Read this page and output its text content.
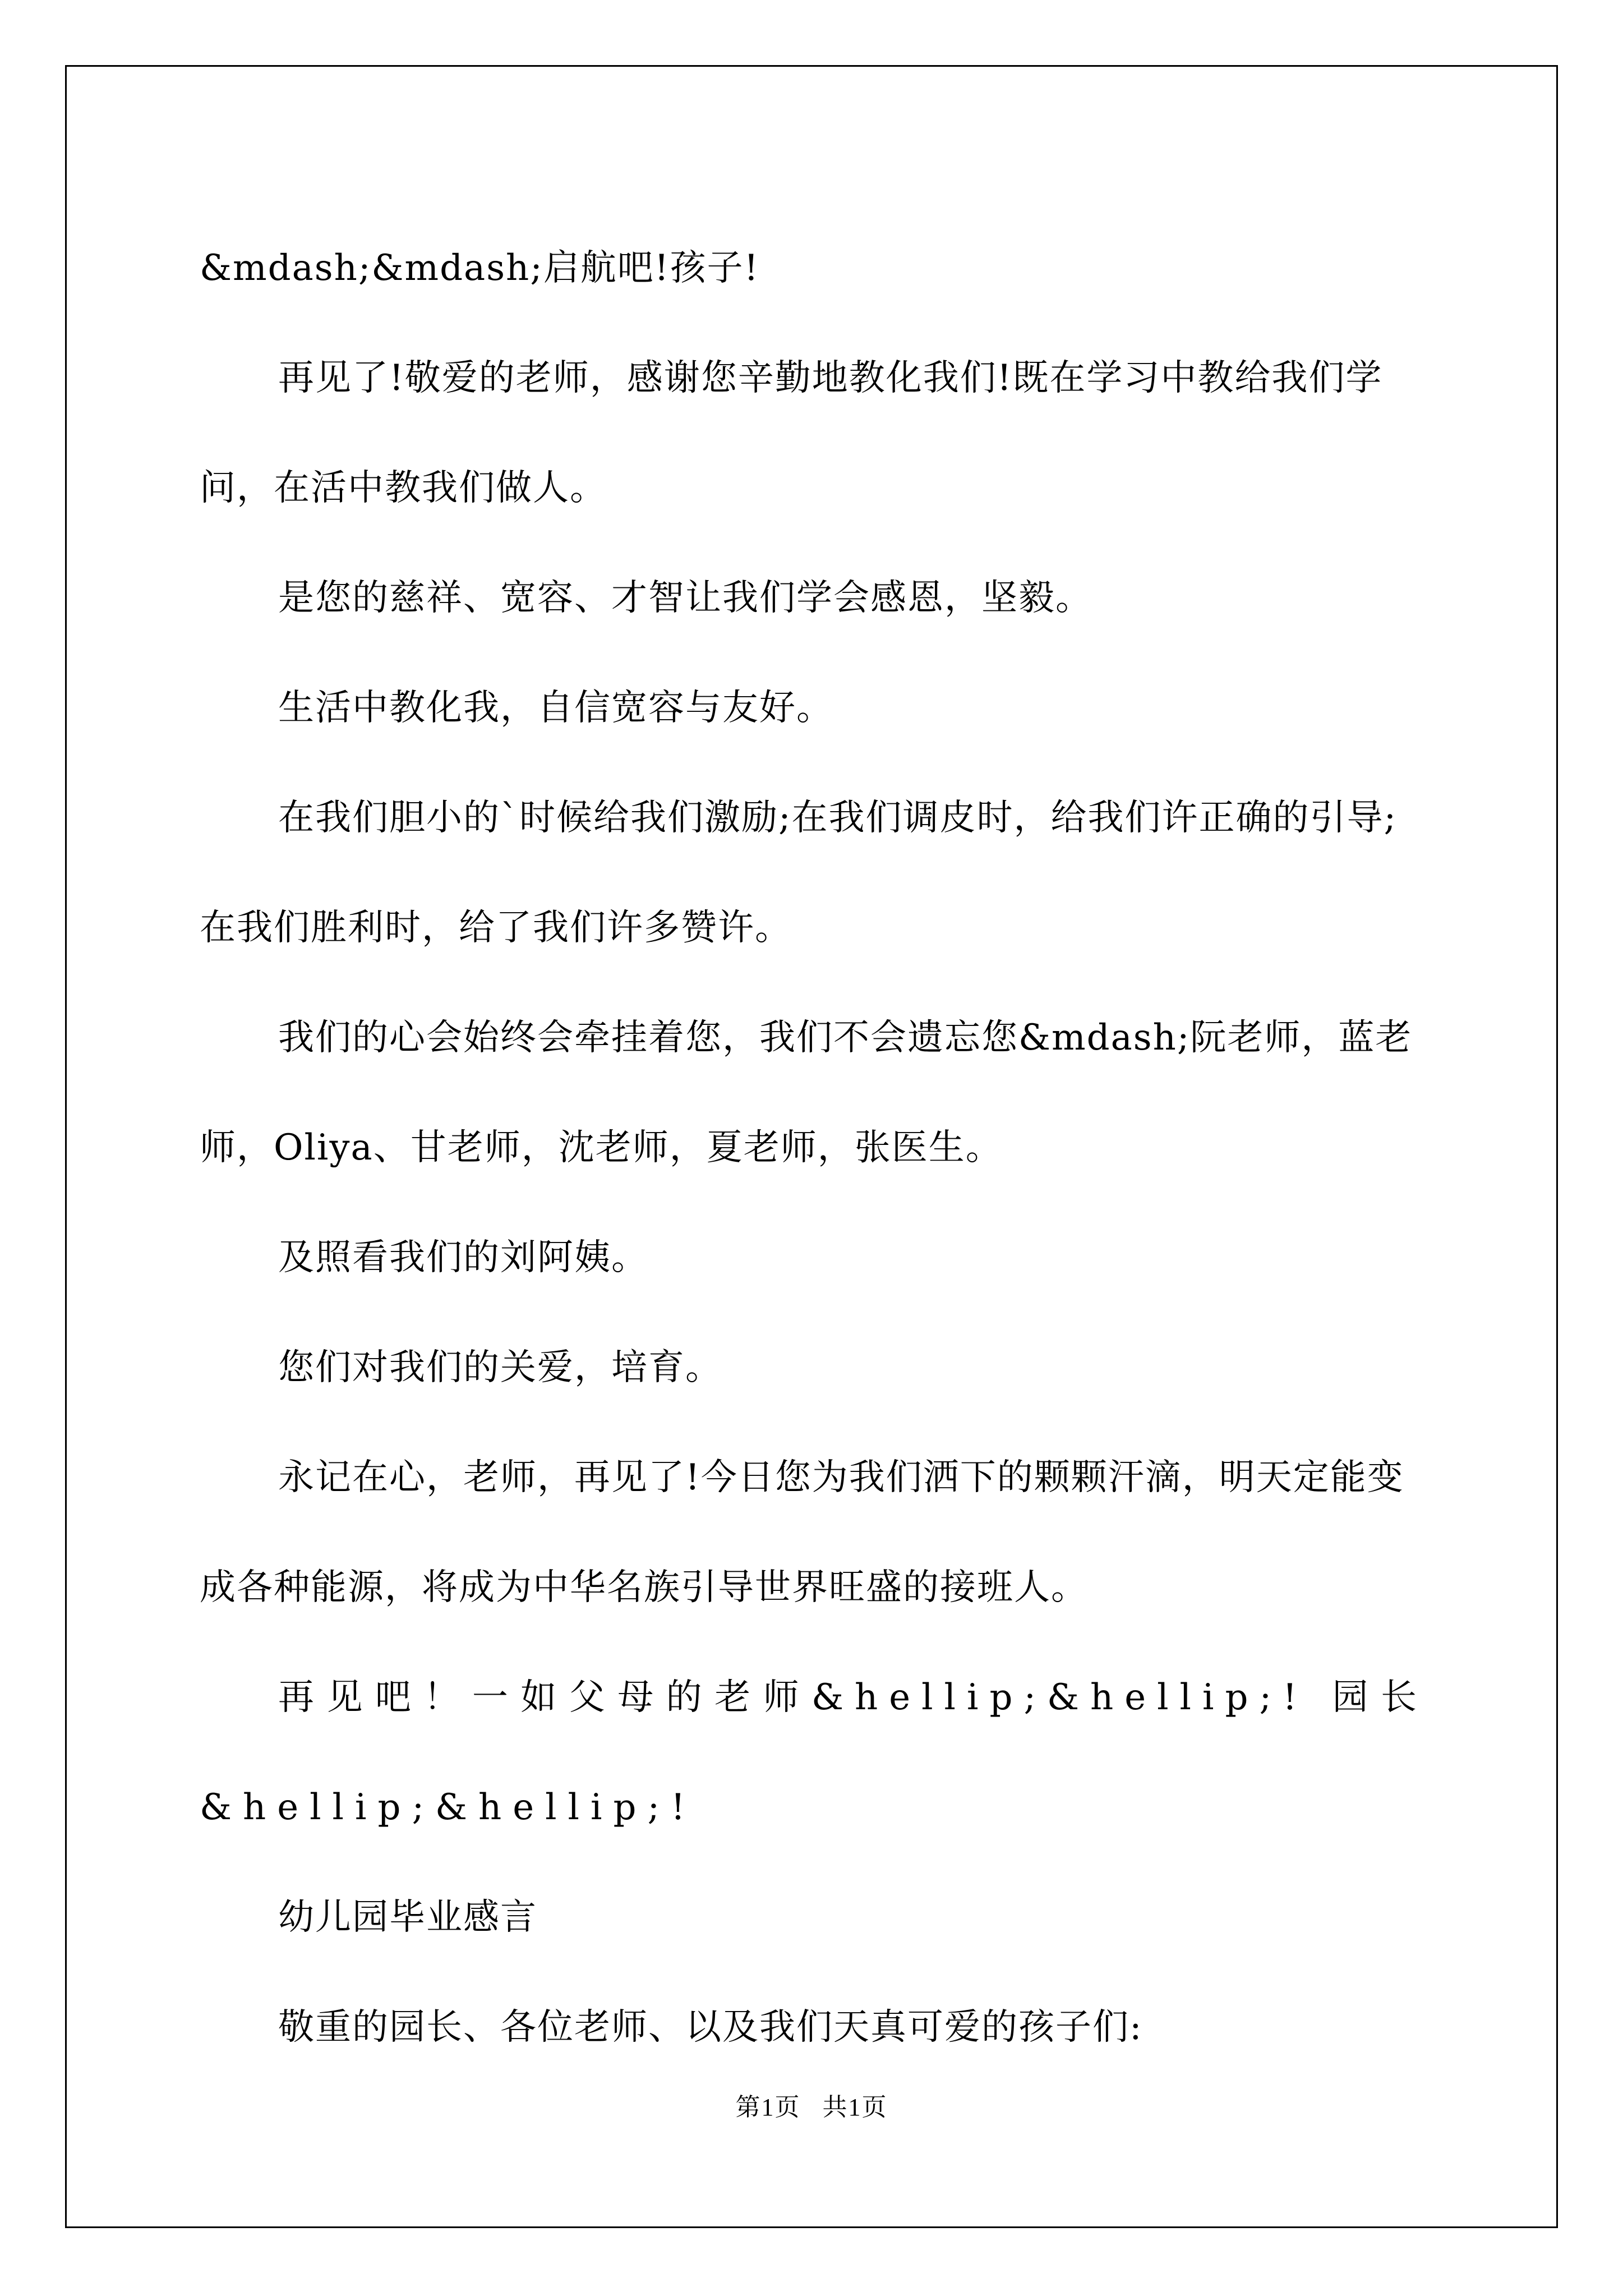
&mdash;&mdash;启航吧!孩子!

再见了!敬爱的老师，感谢您辛勤地教化我们!既在学习中教给我们学问，在活中教我们做人。

是您的慈祥、宽容、才智让我们学会感恩，坚毅。

生活中教化我，自信宽容与友好。

在我们胆小的`时候给我们激励;在我们调皮时，给我们许正确的引导;在我们胜利时，给了我们许多赞许。

我们的心会始终会牵挂着您，我们不会遗忘您&mdash;阮老师，蓝老师，Oliya、甘老师，沈老师，夏老师，张医生。

及照看我们的刘阿姨。

您们对我们的关爱，培育。

永记在心，老师，再见了!今日您为我们洒下的颗颗汗滴，明天定能变成各种能源，将成为中华名族引导世界旺盛的接班人。

再见吧！一如父母的老师&hellip;&hellip;! 园长&hellip;&hellip;!

幼儿园毕业感言

敬重的园长、各位老师、以及我们天真可爱的孩子们:

第1页 共1页
